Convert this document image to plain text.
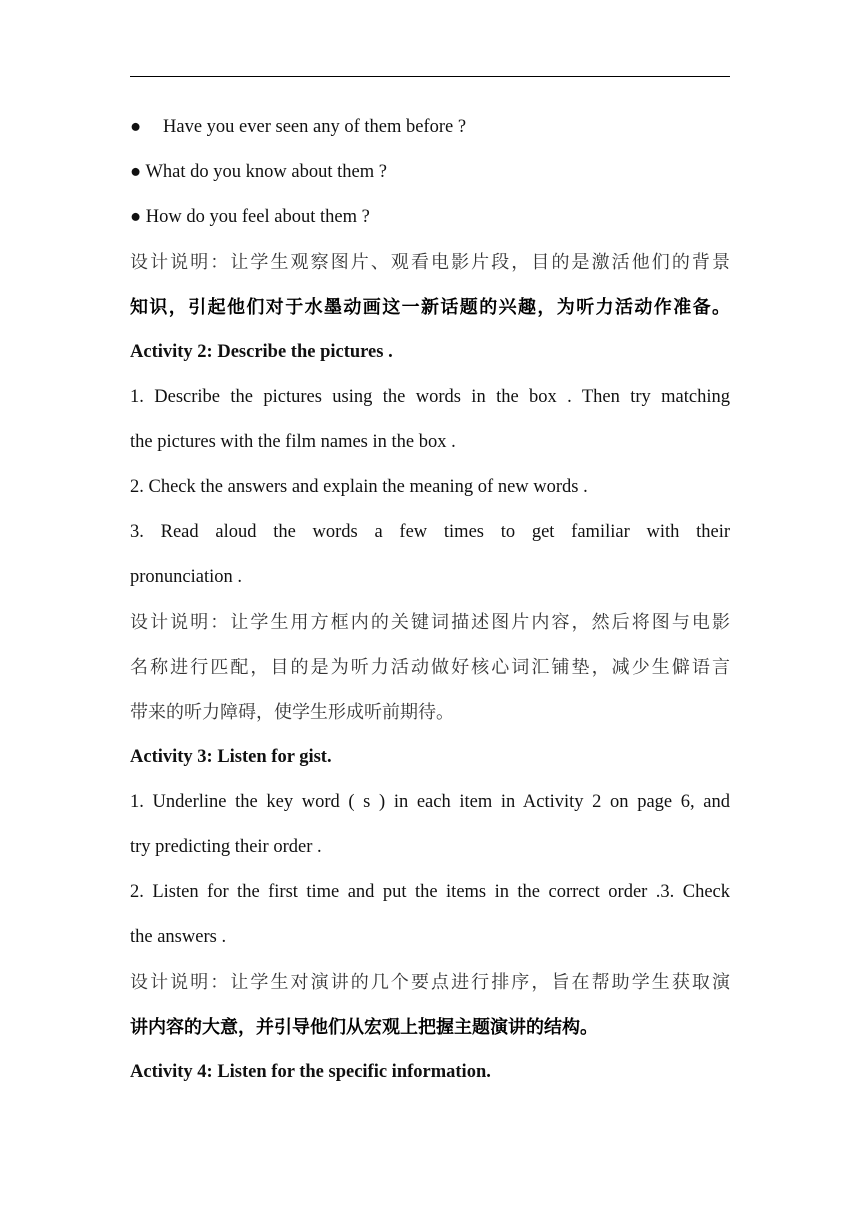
● Have you ever seen any of them before ?
● What do you know about them ?
● How do you feel about them ?
设计说明：让学生观察图片、观看电影片段，目的是激活他们的背景
知识，引起他们对于水墨动画这一新话题的兴趣，为听力活动作准备。
Activity 2: Describe the pictures .
1. Describe the pictures using the words in the box . Then try matching
the pictures with the film names in the box .
2. Check the answers and explain the meaning of new words .
3. Read aloud the words a few times to get familiar with their
pronunciation .
设计说明：让学生用方框内的关键词描述图片内容，然后将图与电影
名称进行匹配，目的是为听力活动做好核心词汇铺垫，减少生僻语言
带来的听力障碍，使学生形成听前期待。
Activity 3: Listen for gist.
1. Underline the key word ( s ) in each item in Activity 2 on page 6, and
try predicting their order .
2. Listen for the first time and put the items in the correct order .3. Check
the answers .
设计说明：让学生对演讲的几个要点进行排序，旨在帮助学生获取演
讲内容的大意，并引导他们从宏观上把握主题演讲的结构。
Activity 4: Listen for the specific information.
